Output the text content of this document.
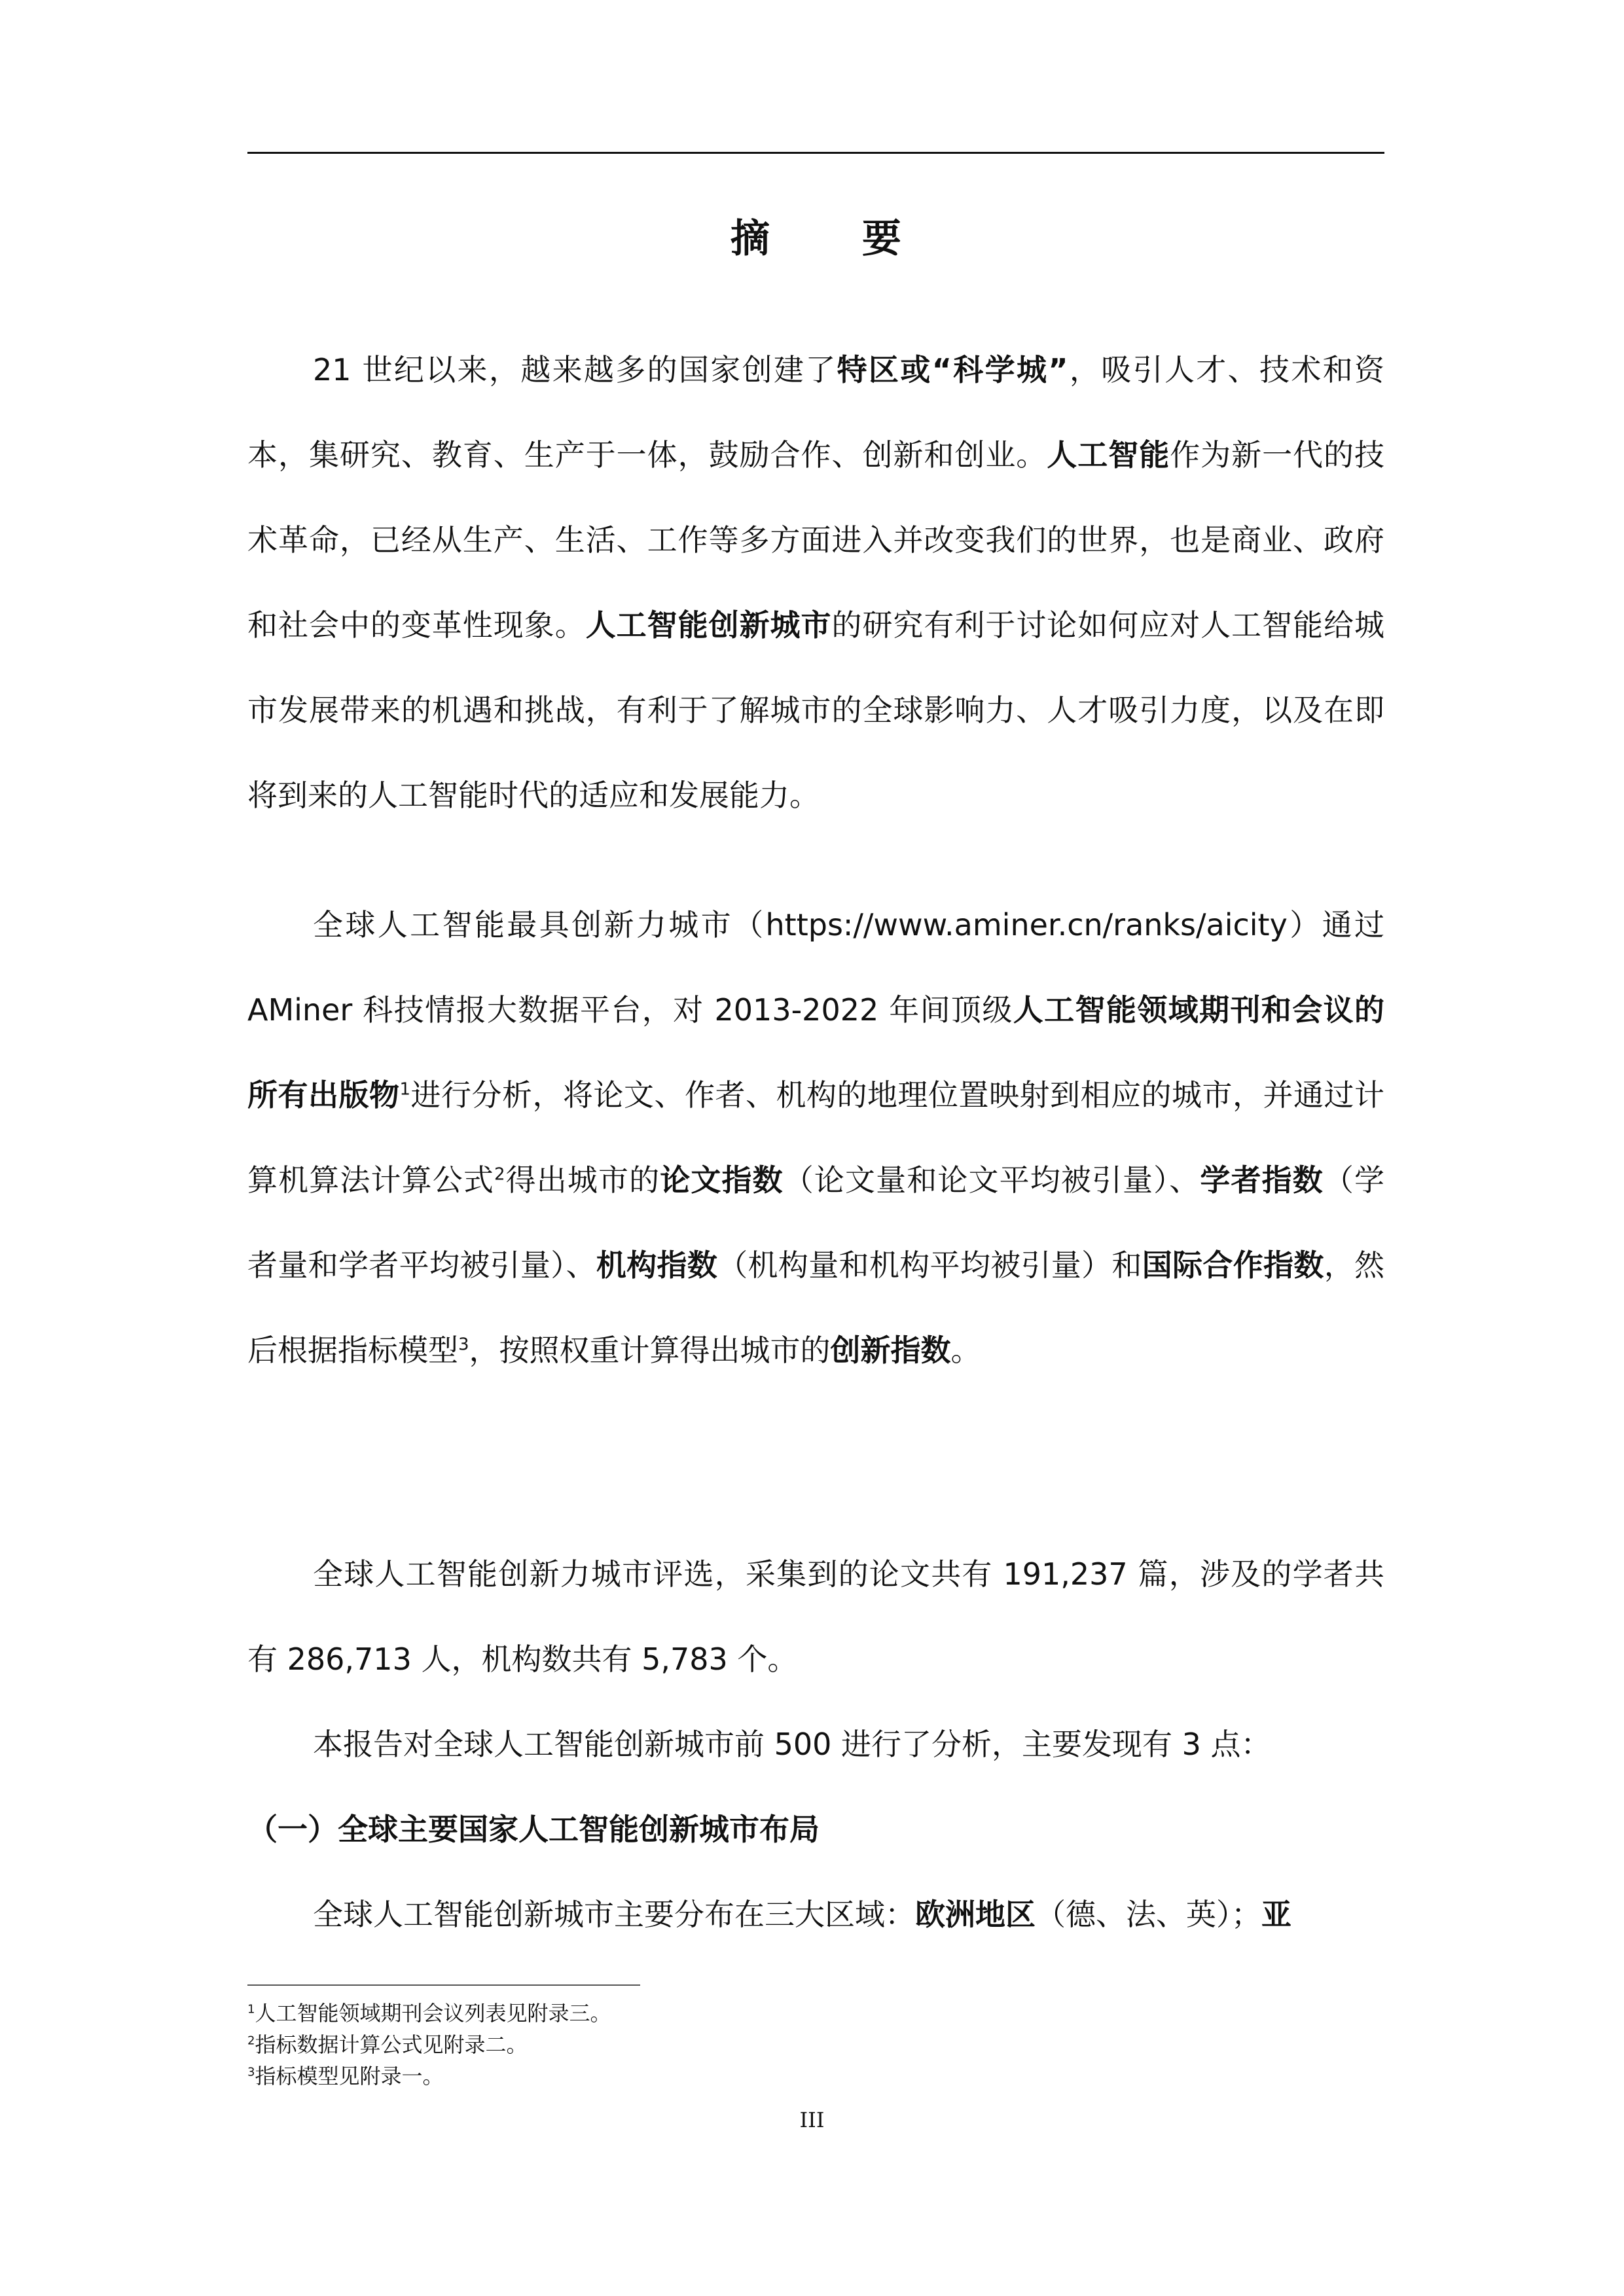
摘 要

21 世纪以来，越来越多的国家创建了特区或“科学城”，吸引人才、技术和资本，集研究、教育、生产于一体，鼓励合作、创新和创业。人工智能作为新一代的技术革命，已经从生产、生活、工作等多方面进入并改变我们的世界，也是商业、政府和社会中的变革性现象。人工智能创新城市的研究有利于讨论如何应对人工智能给城市发展带来的机遇和挑战，有利于了解城市的全球影响力、人才吸引力度，以及在即将到来的人工智能时代的适应和发展能力。

全球人工智能最具创新力城市（https://www.aminer.cn/ranks/aicity）通过 AMiner 科技情报大数据平台，对 2013-2022 年间顶级人工智能领域期刊和会议的所有出版物$^1$进行分析，将论文、作者、机构的地理位置映射到相应的城市，并通过计算机算法计算公式$^2$得出城市的论文指数（论文量和论文平均被引量）、学者指数（学者量和学者平均被引量）、机构指数（机构量和机构平均被引量）和国际合作指数，然后根据指标模型$^3$，按照权重计算得出城市的创新指数。

全球人工智能创新力城市评选，采集到的论文共有 191,237 篇，涉及的学者共有 286,713 人，机构数共有 5,783 个。

本报告对全球人工智能创新城市前 500 进行了分析，主要发现有 3 点：

（一）全球主要国家人工智能创新城市布局

全球人工智能创新城市主要分布在三大区域：欧洲地区（德、法、英）；亚

$^1$人工智能领域期刊会议列表见附录三。
$^2$指标数据计算公式见附录二。
$^3$指标模型见附录一。
III
